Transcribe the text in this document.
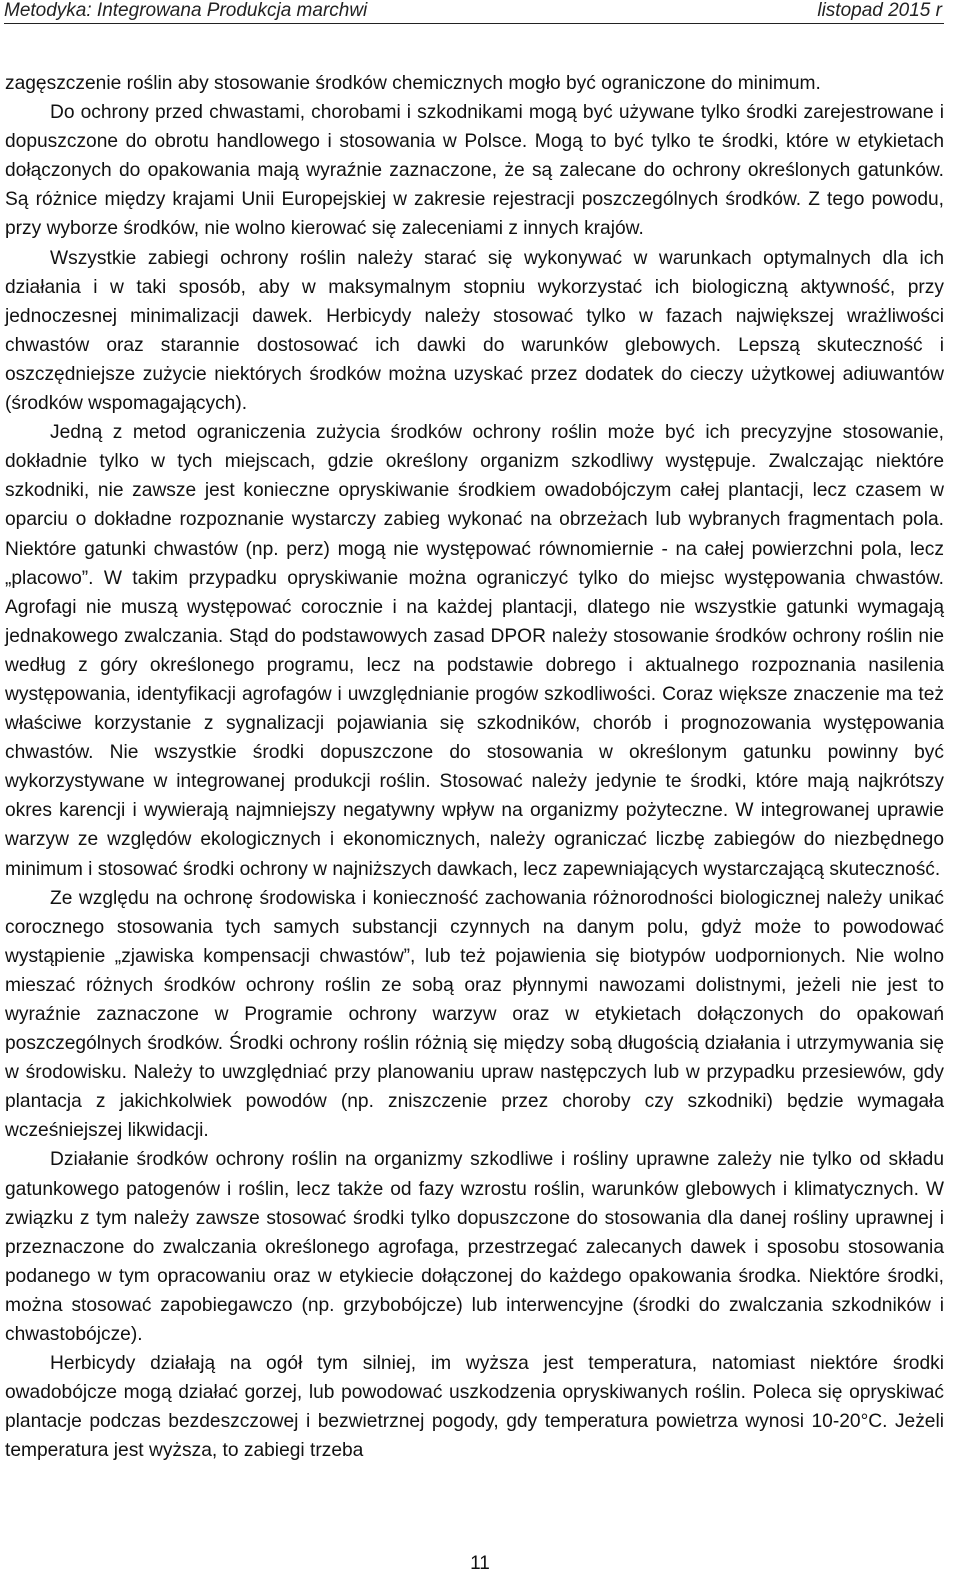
Metodyka: Integrowana Produkcja marchwi	listopad 2015 r

zagęszczenie roślin aby stosowanie środków chemicznych mogło być ograniczone do minimum.

Do ochrony przed chwastami, chorobami i szkodnikami mogą być używane tylko środki zarejestrowane i dopuszczone do obrotu handlowego i stosowania w Polsce. Mogą to być tylko te środki, które w etykietach dołączonych do opakowania mają wyraźnie zaznaczone, że są zalecane do ochrony określonych gatunków. Są różnice między krajami Unii Europejskiej w zakresie rejestracji poszczególnych środków. Z tego powodu, przy wyborze środków, nie wolno kierować się zaleceniami z innych krajów.

Wszystkie zabiegi ochrony roślin należy starać się wykonywać w warunkach optymalnych dla ich działania i w taki sposób, aby w maksymalnym stopniu wykorzystać ich biologiczną aktywność, przy jednoczesnej minimalizacji dawek. Herbicydy należy stosować tylko w fazach największej wrażliwości chwastów oraz starannie dostosować ich dawki do warunków glebowych. Lepszą skuteczność i oszczędniejsze zużycie niektórych środków można uzyskać przez dodatek do cieczy użytkowej adiuwantów (środków wspomagających).

Jedną z metod ograniczenia zużycia środków ochrony roślin może być ich precyzyjne stosowanie, dokładnie tylko w tych miejscach, gdzie określony organizm szkodliwy występuje. Zwalczając niektóre szkodniki, nie zawsze jest konieczne opryskiwanie środkiem owadobójczym całej plantacji, lecz czasem w oparciu o dokładne rozpoznanie wystarczy zabieg wykonać na obrzeżach lub wybranych fragmentach pola. Niektóre gatunki chwastów (np. perz) mogą nie występować równomiernie - na całej powierzchni pola, lecz „placowo”. W takim przypadku opryskiwanie można ograniczyć tylko do miejsc występowania chwastów. Agrofagi nie muszą występować corocznie i na każdej plantacji, dlatego nie wszystkie gatunki wymagają jednakowego zwalczania. Stąd do podstawowych zasad DPOR należy stosowanie środków ochrony roślin nie według z góry określonego programu, lecz na podstawie dobrego i aktualnego rozpoznania nasilenia występowania, identyfikacji agrofagów i uwzględnianie progów szkodliwości. Coraz większe znaczenie ma też właściwe korzystanie z sygnalizacji pojawiania się szkodników, chorób i prognozowania występowania chwastów. Nie wszystkie środki dopuszczone do stosowania w określonym gatunku powinny być wykorzystywane w integrowanej produkcji roślin. Stosować należy jedynie te środki, które mają najkrótszy okres karencji i wywierają najmniejszy negatywny wpływ na organizmy pożyteczne. W integrowanej uprawie warzyw ze względów ekologicznych i ekonomicznych, należy ograniczać liczbę zabiegów do niezbędnego minimum i stosować środki ochrony w najniższych dawkach, lecz zapewniających wystarczającą skuteczność.

Ze względu na ochronę środowiska i konieczność zachowania różnorodności biologicznej należy unikać corocznego stosowania tych samych substancji czynnych na danym polu, gdyż może to powodować wystąpienie „zjawiska kompensacji chwastów”, lub też pojawienia się biotypów uodpornionych. Nie wolno mieszać różnych środków ochrony roślin ze sobą oraz płynnymi nawozami dolistnymi, jeżeli nie jest to wyraźnie zaznaczone w Programie ochrony warzyw oraz w etykietach dołączonych do opakowań poszczególnych środków. Środki ochrony roślin różnią się między sobą długością działania i utrzymywania się w środowisku. Należy to uwzględniać przy planowaniu upraw następczych lub w przypadku przesiewów, gdy plantacja z jakichkolwiek powodów (np. zniszczenie przez choroby czy szkodniki) będzie wymagała wcześniejszej likwidacji.

Działanie środków ochrony roślin na organizmy szkodliwe i rośliny uprawne zależy nie tylko od składu gatunkowego patogenów i roślin, lecz także od fazy wzrostu roślin, warunków glebowych i klimatycznych. W związku z tym należy zawsze stosować środki tylko dopuszczone do stosowania dla danej rośliny uprawnej i przeznaczone do zwalczania określonego agrofaga, przestrzegać zalecanych dawek i sposobu stosowania podanego w tym opracowaniu oraz w etykiecie dołączonej do każdego opakowania środka. Niektóre środki, można stosować zapobiegawczo (np. grzybobójcze) lub interwencyjne (środki do zwalczania szkodników i chwastobójcze).

Herbicydy działają na ogół tym silniej, im wyższa jest temperatura, natomiast niektóre środki owadobójcze mogą działać gorzej, lub powodować uszkodzenia opryskiwanych roślin. Poleca się opryskiwać plantacje podczas bezdeszczowej i bezwietrznej pogody, gdy temperatura powietrza wynosi 10-20°C. Jeżeli temperatura jest wyższa, to zabiegi trzeba

11
